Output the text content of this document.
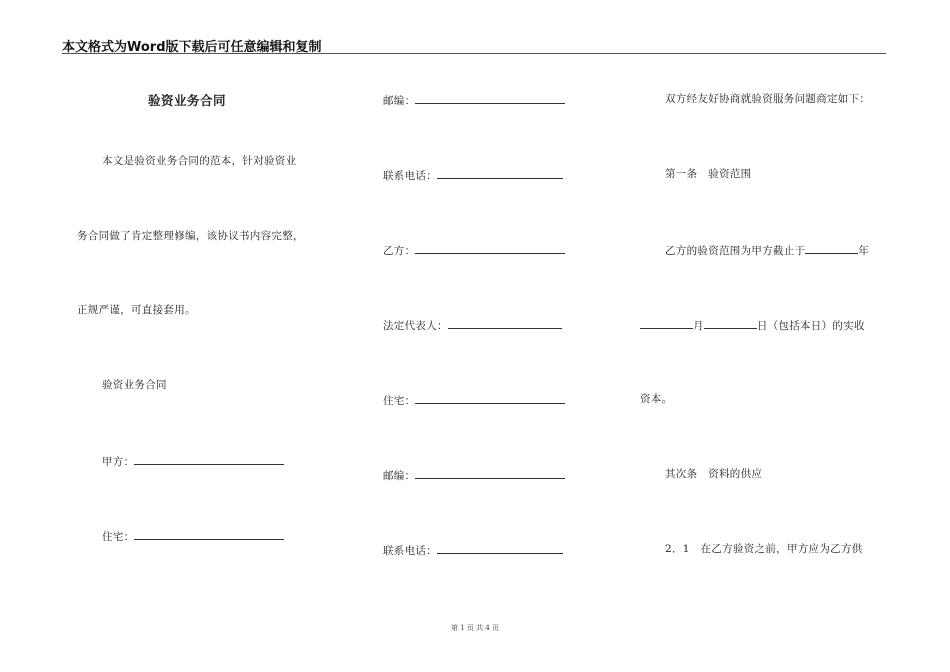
本文格式为Word版下载后可任意编辑和复制
验资业务合同
本文是验资业务合同的范本，针对验资业
务合同做了肯定整理修编，该协议书内容完整，
正规严谨，可直接套用。
验资业务合同
甲方：
住宅：
邮编：
联系电话：
乙方：
法定代表人：
住宅：
邮编：
联系电话：
双方经友好协商就验资服务问题商定如下：
第一条　验资范围
乙方的验资范围为甲方截止于	年
月	日（包括本日）的实收
资本。
其次条　资料的供应
2．1　在乙方验资之前，甲方应为乙方供
第 1 页 共 4 页
